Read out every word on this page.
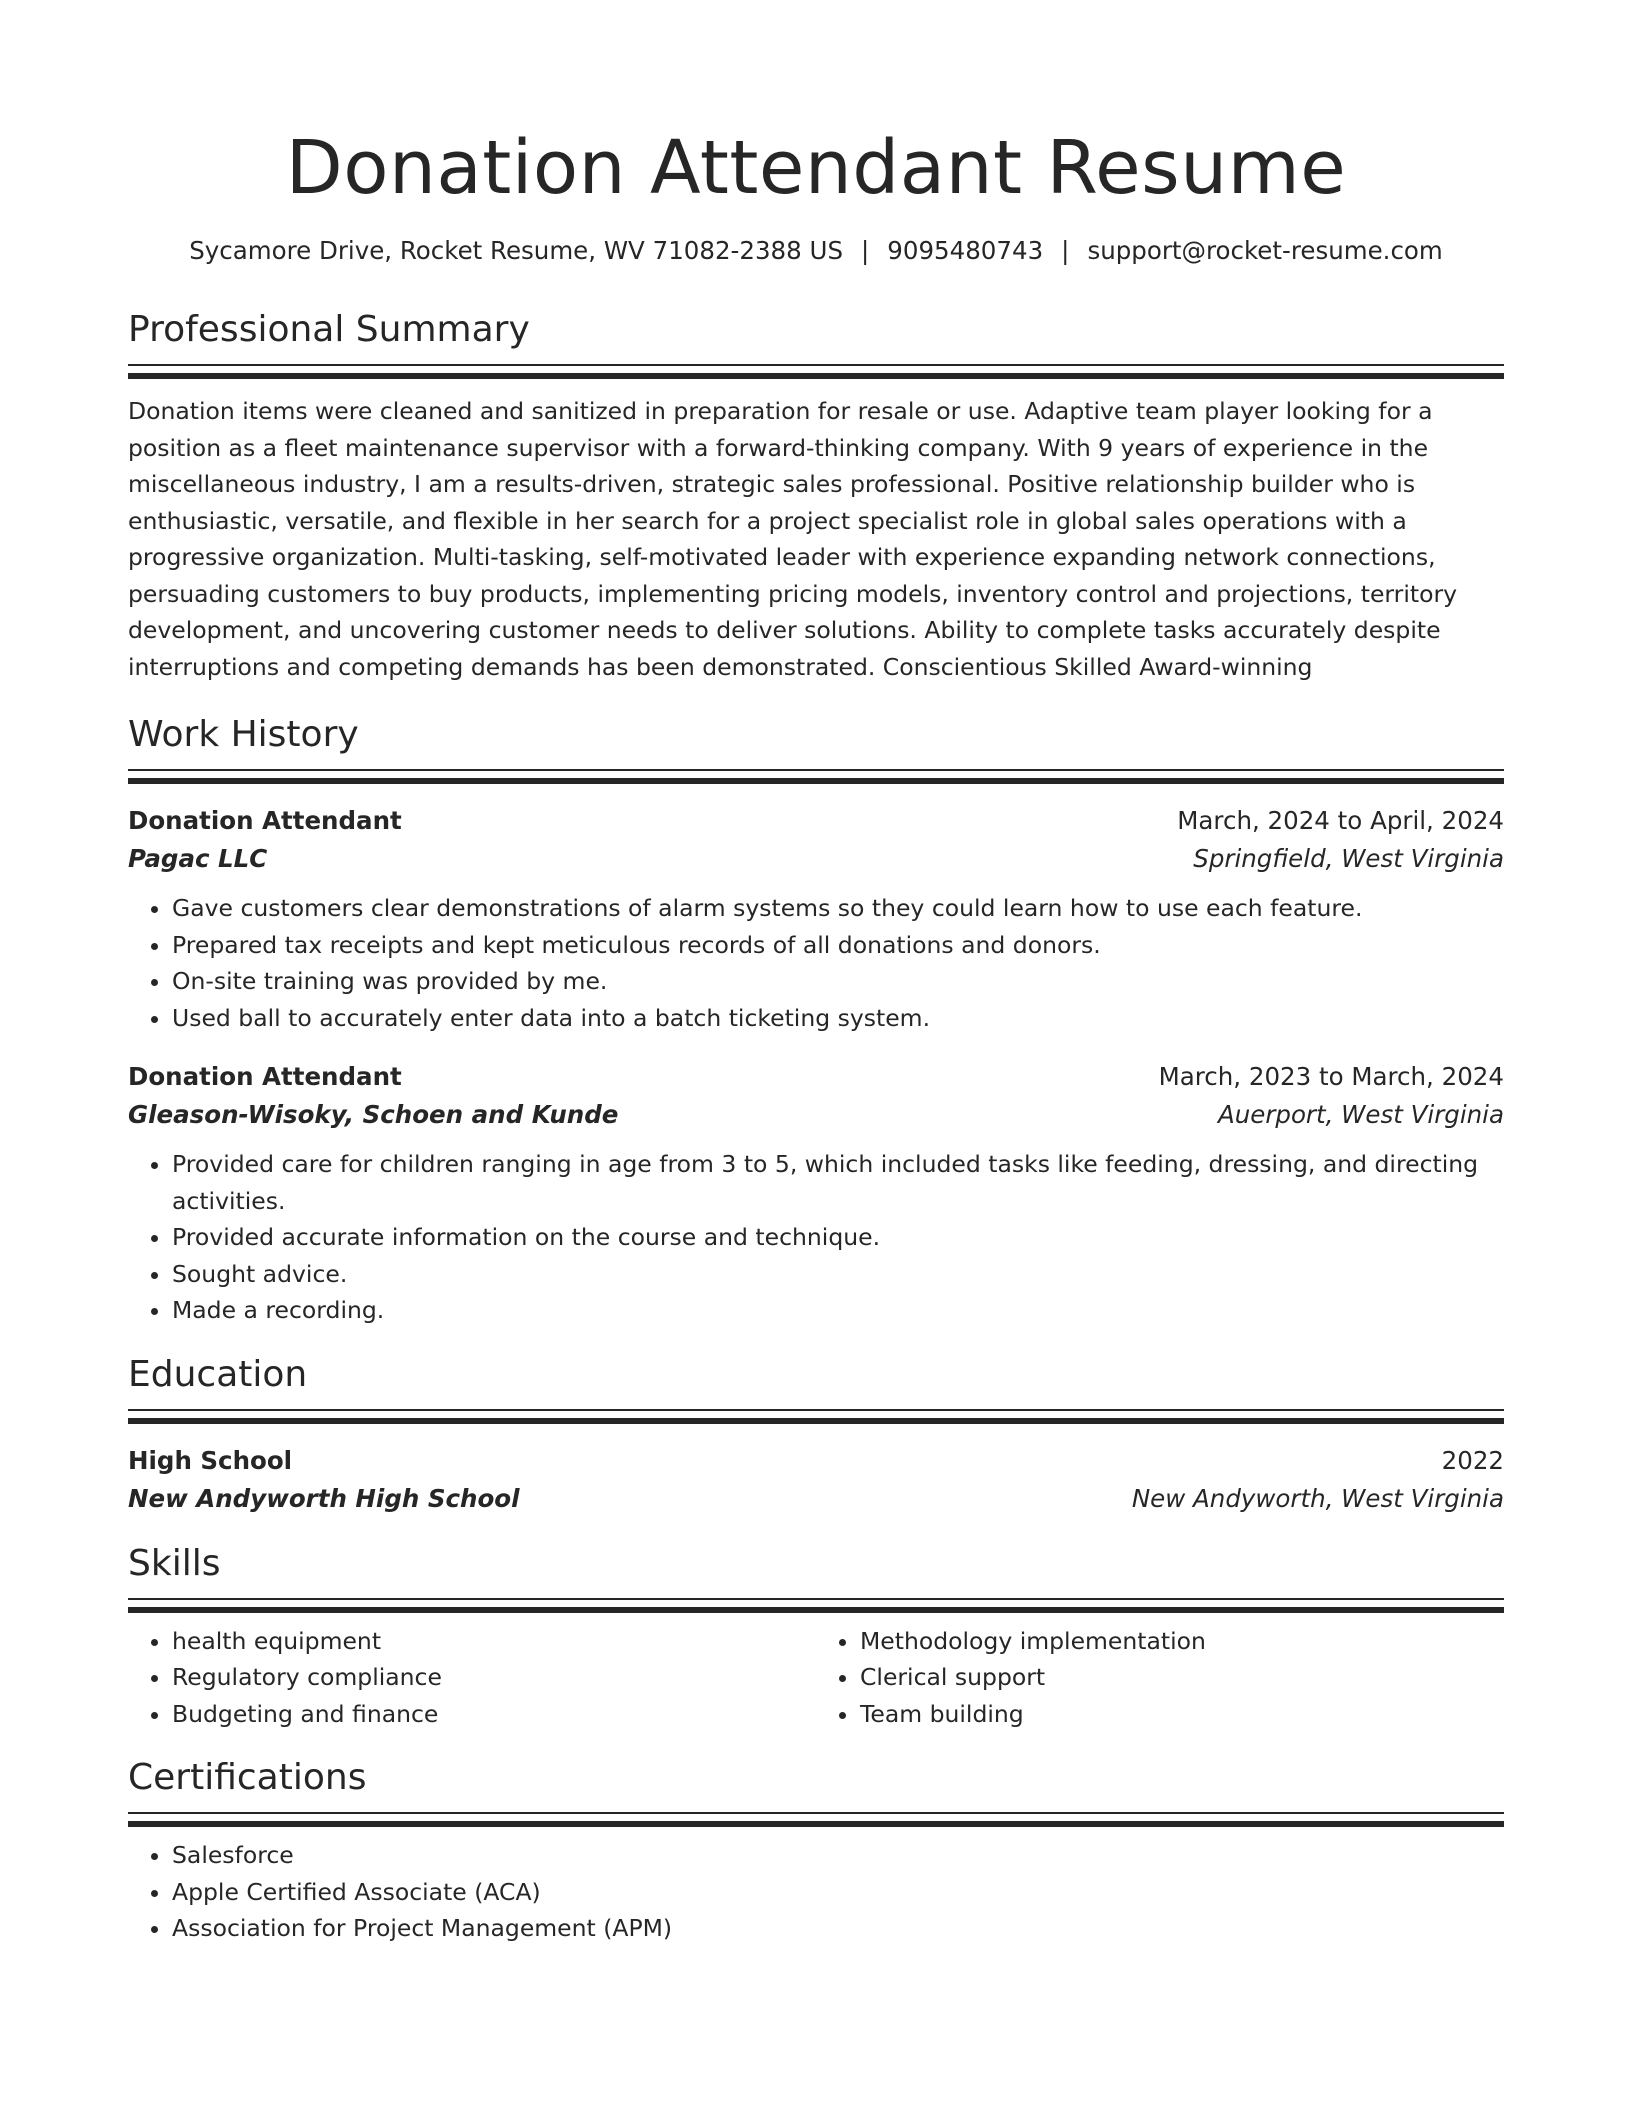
Donation Attendant Resume
Sycamore Drive, Rocket Resume, WV 71082-2388 US | 9095480743 | support@rocket-resume.com
Professional Summary

Donation items were cleaned and sanitized in preparation for resale or use. Adaptive team player looking for a position as a fleet maintenance supervisor with a forward-thinking company. With 9 years of experience in the miscellaneous industry, I am a results-driven, strategic sales professional. Positive relationship builder who is enthusiastic, versatile, and flexible in her search for a project specialist role in global sales operations with a progressive organization. Multi-tasking, self-motivated leader with experience expanding network connections, persuading customers to buy products, implementing pricing models, inventory control and projections, territory development, and uncovering customer needs to deliver solutions. Ability to complete tasks accurately despite interruptions and competing demands has been demonstrated. Conscientious Skilled Award-winning

Work History
Donation Attendant	March, 2024 to April, 2024
Pagac LLC	Springfield, West Virginia
• Gave customers clear demonstrations of alarm systems so they could learn how to use each feature.
• Prepared tax receipts and kept meticulous records of all donations and donors.
• On-site training was provided by me.
• Used ball to accurately enter data into a batch ticketing system.
Donation Attendant	March, 2023 to March, 2024
Gleason-Wisoky, Schoen and Kunde	Auerport, West Virginia
• Provided care for children ranging in age from 3 to 5, which included tasks like feeding, dressing, and directing activities.
• Provided accurate information on the course and technique.
• Sought advice.
• Made a recording.
Education
High School	2022
New Andyworth High School	New Andyworth, West Virginia
Skills
• health equipment
• Regulatory compliance
• Budgeting and finance
• Methodology implementation
• Clerical support
• Team building
Certifications
• Salesforce
• Apple Certified Associate (ACA)
• Association for Project Management (APM)
